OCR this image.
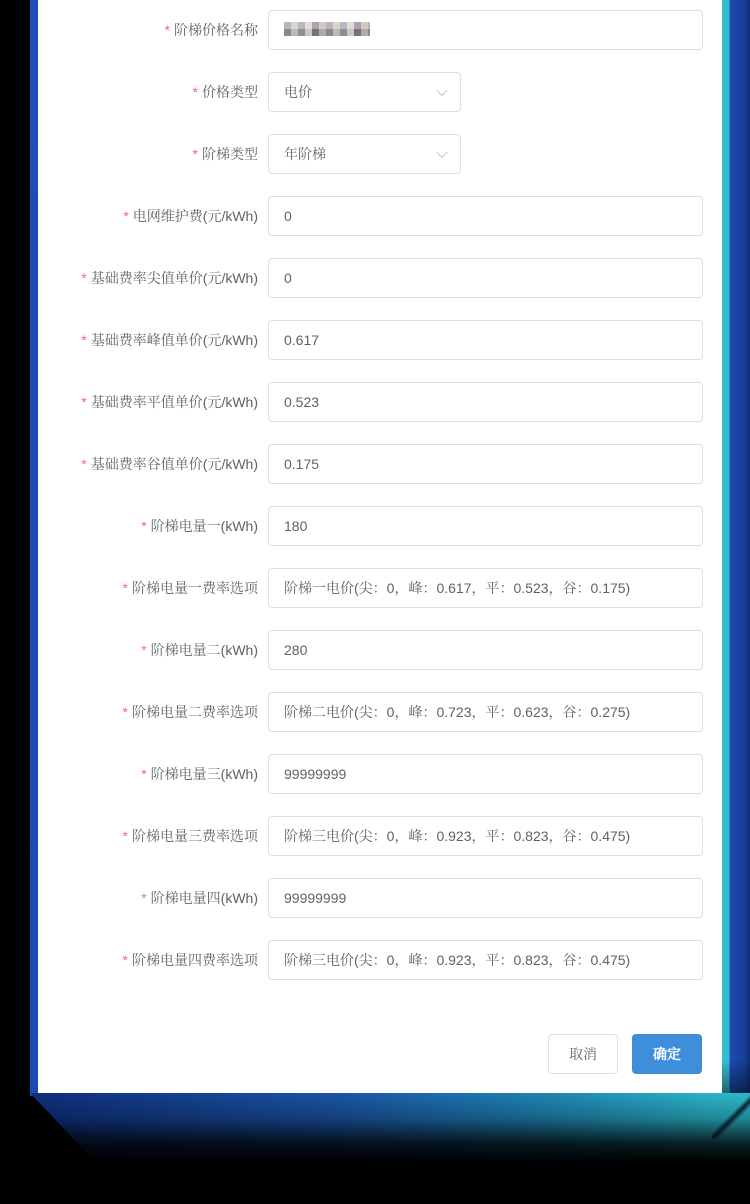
* 阶梯价格名称
* 价格类型	电价
* 阶梯类型	年阶梯
* 电网维护费(元/kWh)	0
* 基础费率尖值单价(元/kWh)	0
* 基础费率峰值单价(元/kWh)	0.617
* 基础费率平值单价(元/kWh)	0.523
* 基础费率谷值单价(元/kWh)	0.175
* 阶梯电量一(kWh)	180
* 阶梯电量一费率选项	阶梯一电价(尖：0，峰：0.617，平：0.523，谷：0.175)
* 阶梯电量二(kWh)	280
* 阶梯电量二费率选项	阶梯二电价(尖：0，峰：0.723，平：0.623，谷：0.275)
* 阶梯电量三(kWh)	99999999
* 阶梯电量三费率选项	阶梯三电价(尖：0，峰：0.923，平：0.823，谷：0.475)
* 阶梯电量四(kWh)	99999999
* 阶梯电量四费率选项	阶梯三电价(尖：0，峰：0.923，平：0.823，谷：0.475)
取消	确定
